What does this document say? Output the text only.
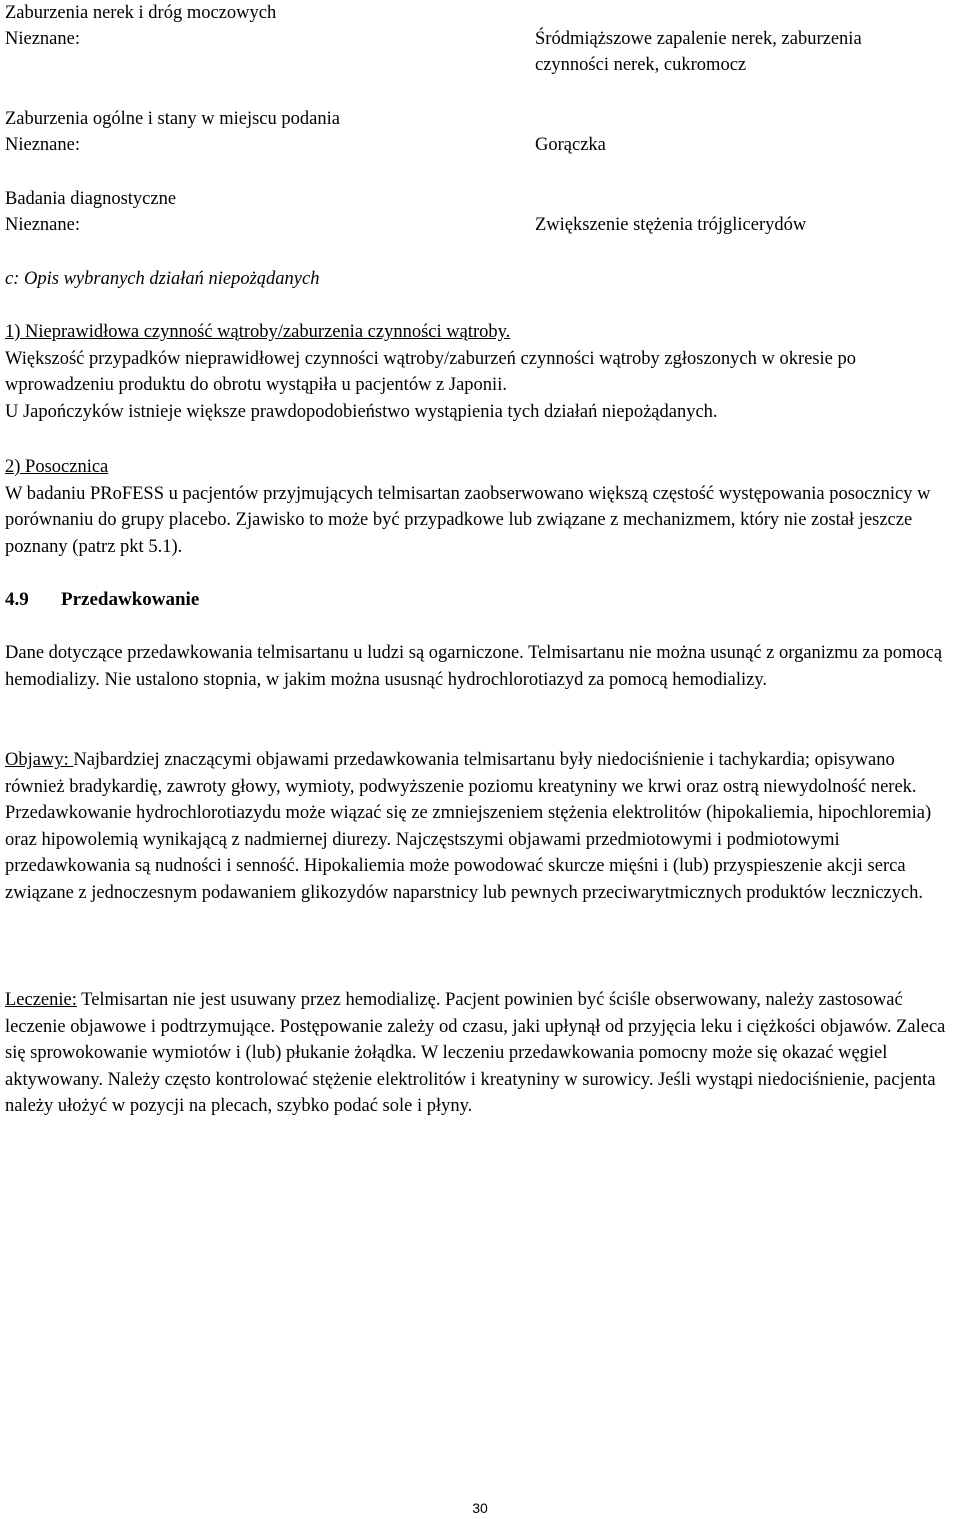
Zaburzenia nerek i dróg moczowych
Nieznane:	Śródmiąższowe zapalenie nerek, zaburzenia
czynności nerek, cukromocz
Zaburzenia ogólne i stany w miejscu podania
Nieznane:	Gorączka
Badania diagnostyczne
Nieznane:	Zwiększenie stężenia trójglicerydów
c: Opis wybranych działań niepożądanych

1) Nieprawidłowa czynność wątroby/zaburzenia czynności wątroby.

Większość przypadków nieprawidłowej czynności wątroby/zaburzeń czynności wątroby zgłoszonych w okresie po wprowadzeniu produktu do obrotu wystąpiła u pacjentów z Japonii.

U Japończyków istnieje większe prawdopodobieństwo wystąpienia tych działań niepożądanych.

2) Posocznica

W badaniu PRoFESS u pacjentów przyjmujących telmisartan zaobserwowano większą częstość występowania posocznicy w porównaniu do grupy placebo. Zjawisko to może być przypadkowe lub związane z mechanizmem, który nie został jeszcze poznany (patrz pkt 5.1).

4.9 Przedawkowanie
Dane dotyczące przedawkowania telmisartanu u ludzi są ogarniczone. Telmisartanu nie można usunąć z organizmu za pomocą hemodializy. Nie ustalono stopnia, w jakim można ususnąć hydrochlorotiazyd za pomocą hemodializy.
Objawy: Najbardziej znaczącymi objawami przedawkowania telmisartanu były niedociśnienie i tachykardia; opisywano również bradykardię, zawroty głowy, wymioty, podwyższenie poziomu kreatyniny we krwi oraz ostrą niewydolność nerek. Przedawkowanie hydrochlorotiazydu może wiązać się ze zmniejszeniem stężenia elektrolitów (hipokaliemia, hipochloremia) oraz hipowolemią wynikającą z nadmiernej diurezy. Najczęstszymi objawami przedmiotowymi i podmiotowymi przedawkowania są nudności i senność. Hipokaliemia może powodować skurcze mięśni i (lub) przyspieszenie akcji serca związane z jednoczesnym podawaniem glikozydów naparstnicy lub pewnych przeciwarytmicznych produktów leczniczych.
Leczenie: Telmisartan nie jest usuwany przez hemodializę. Pacjent powinien być ściśle obserwowany, należy zastosować leczenie objawowe i podtrzymujące. Postępowanie zależy od czasu, jaki upłynął od przyjęcia leku i ciężkości objawów. Zaleca się sprowokowanie wymiotów i (lub) płukanie żołądka. W leczeniu przedawkowania pomocny może się okazać węgiel aktywowany. Należy często kontrolować stężenie elektrolitów i kreatyniny w surowicy. Jeśli wystąpi niedociśnienie, pacjenta należy ułożyć w pozycji na plecach, szybko podać sole i płyny.
30
